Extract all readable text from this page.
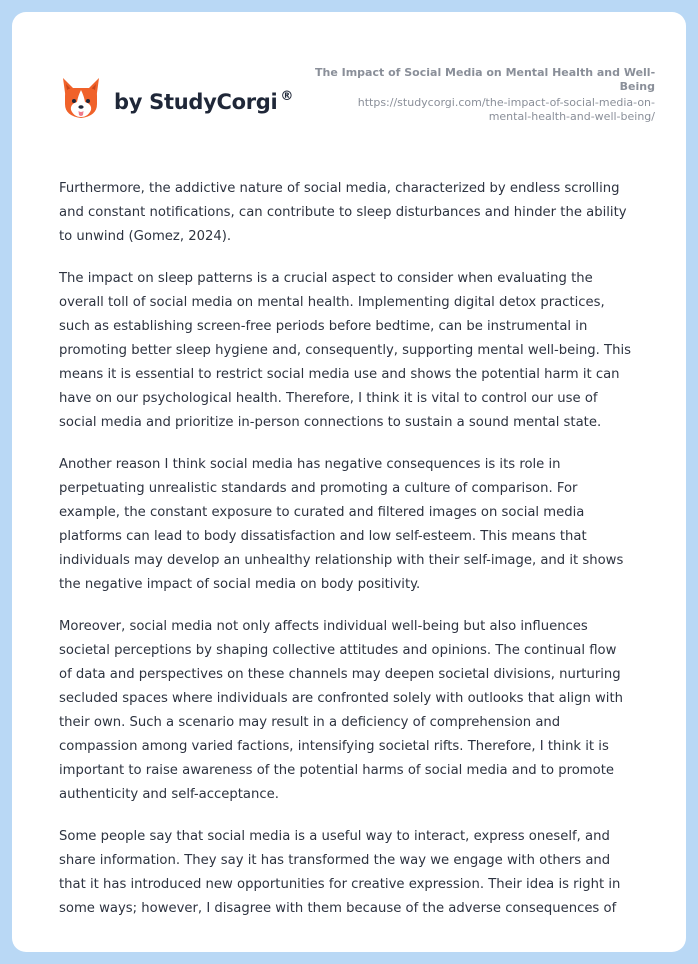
by StudyCorgi ®
The Impact of Social Media on Mental Health and Well-
Being
https://studycorgi.com/the-impact-of-social-media-on-
mental-health-and-well-being/

Furthermore, the addictive nature of social media, characterized by endless scrolling
and constant notifications, can contribute to sleep disturbances and hinder the ability
to unwind (Gomez, 2024).

The impact on sleep patterns is a crucial aspect to consider when evaluating the
overall toll of social media on mental health. Implementing digital detox practices,
such as establishing screen-free periods before bedtime, can be instrumental in
promoting better sleep hygiene and, consequently, supporting mental well-being. This
means it is essential to restrict social media use and shows the potential harm it can
have on our psychological health. Therefore, I think it is vital to control our use of
social media and prioritize in-person connections to sustain a sound mental state.

Another reason I think social media has negative consequences is its role in
perpetuating unrealistic standards and promoting a culture of comparison. For
example, the constant exposure to curated and filtered images on social media
platforms can lead to body dissatisfaction and low self-esteem. This means that
individuals may develop an unhealthy relationship with their self-image, and it shows
the negative impact of social media on body positivity.

Moreover, social media not only affects individual well-being but also influences
societal perceptions by shaping collective attitudes and opinions. The continual flow
of data and perspectives on these channels may deepen societal divisions, nurturing
secluded spaces where individuals are confronted solely with outlooks that align with
their own. Such a scenario may result in a deficiency of comprehension and
compassion among varied factions, intensifying societal rifts. Therefore, I think it is
important to raise awareness of the potential harms of social media and to promote
authenticity and self-acceptance.

Some people say that social media is a useful way to interact, express oneself, and
share information. They say it has transformed the way we engage with others and
that it has introduced new opportunities for creative expression. Their idea is right in
some ways; however, I disagree with them because of the adverse consequences of
